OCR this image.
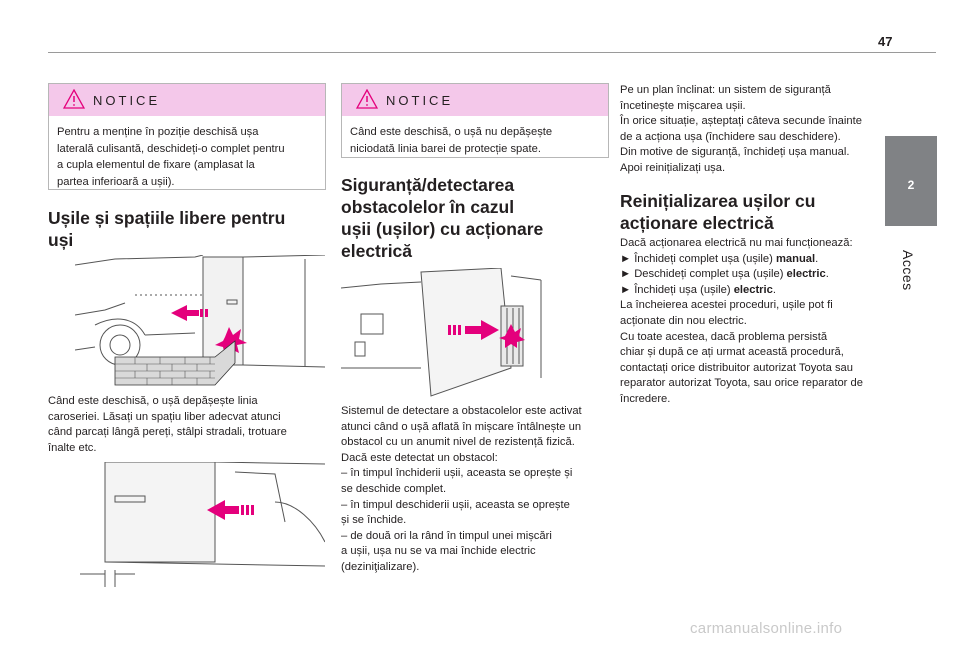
47
2
Acces
NOTICE
Pentru a menține în poziție deschisă ușa
laterală culisantă, deschideți-o complet pentru
a cupla elementul de fixare (amplasat la
partea inferioară a ușii).
Ușile și spațiile libere pentru
uși

Când este deschisă, o ușă depășește linia

caroseriei. Lăsați un spațiu liber adecvat atunci

când parcați lângă pereți, stâlpi stradali, trotuare

înalte etc.

NOTICE
Când este deschisă, o ușă nu depășește
niciodată linia barei de protecție spate.
Siguranță/detectarea
obstacolelor în cazul
ușii (ușilor) cu acționare
electrică

Sistemul de detectare a obstacolelor este activat

atunci când o ușă aflată în mișcare întâlnește un

obstacol cu un anumit nivel de rezistență fizică.

Dacă este detectat un obstacol:

– în timpul închiderii ușii, aceasta se oprește și

se deschide complet.

– în timpul deschiderii ușii, aceasta se oprește

și se închide.

– de două ori la rând în timpul unei mișcări

a ușii, ușa nu se va mai închide electric

(deziniţializare).

Pe un plan înclinat: un sistem de siguranță

încetinește mișcarea ușii.

În orice situație, așteptați câteva secunde înainte

de a acționa ușa (închidere sau deschidere).

Din motive de siguranță, închideți ușa manual.

Apoi reinițializați ușa.

Reinițializarea ușilor cu
acționare electrică

Dacă acționarea electrică nu mai funcționează:

► Închideți complet ușa (ușile) manual.

► Deschideți complet ușa (ușile) electric.

► Închideți ușa (ușile) electric.

La încheierea acestei proceduri, ușile pot fi

acționate din nou electric.

Cu toate acestea, dacă problema persistă

chiar și după ce ați urmat această procedură,

contactați orice distribuitor autorizat Toyota sau

reparator autorizat Toyota, sau orice reparator de

încredere.

carmanualsonline.info
